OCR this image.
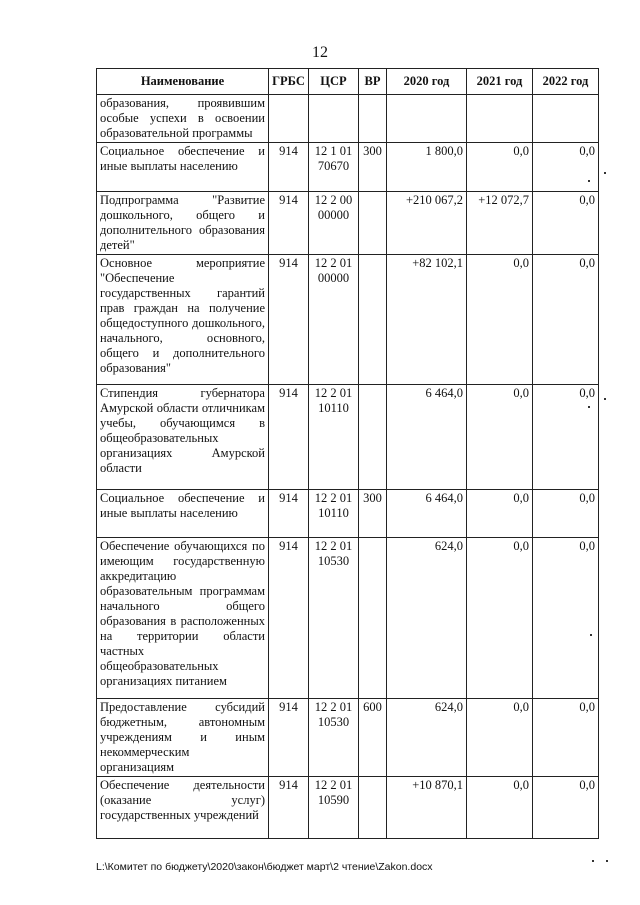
12
Наименование	ГРБС	ЦСР	ВР	2020 год	2021 год	2022 год
образования, проявившим особые успехи в освоении образовательной программы						
Социальное обеспечение и иные выплаты населению	914	12 1 01 70670	300	1 800,0	0,0	0,0
Подпрограмма "Развитие дошкольного, общего и дополнительного образования детей"	914	12 2 00 00000		+210 067,2	+12 072,7	0,0
Основное мероприятие "Обеспечение государственных гарантий прав граждан на получение общедоступного дошкольного, начального, основного, общего и дополнительного образования"	914	12 2 01 00000		+82 102,1	0,0	0,0
Стипендия губернатора Амурской области отличникам учебы, обучающимся в общеобразовательных организациях Амурской области	914	12 2 01 10110		6 464,0	0,0	0,0
Социальное обеспечение и иные выплаты населению	914	12 2 01 10110	300	6 464,0	0,0	0,0
Обеспечение обучающихся по имеющим государственную аккредитацию образовательным программам начального общего образования в расположенных на территории области частных общеобразовательных организациях питанием	914	12 2 01 10530		624,0	0,0	0,0
Предоставление субсидий бюджетным, автономным учреждениям и иным некоммерческим организациям	914	12 2 01 10530	600	624,0	0,0	0,0
Обеспечение деятельности (оказание услуг) государственных учреждений	914	12 2 01 10590		+10 870,1	0,0	0,0
L:\Комитет по бюджету\2020\закон\бюджет март\2 чтение\Zakon.docx
